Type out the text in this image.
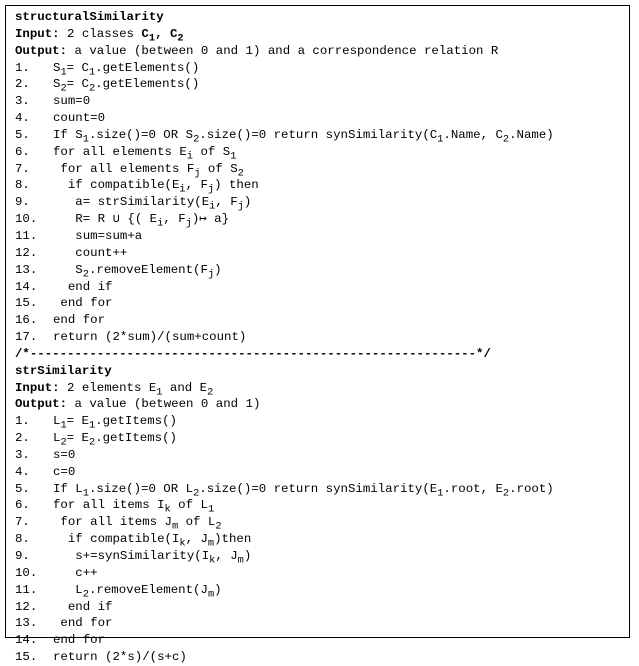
structuralSimilarity
Input: 2 classes $C_1$, $C_2$
Output: a value (between 0 and 1) and a correspondence relation R
1. $S_1=$ $C_1.getElements()$
2. $S_2=$ $C_2.getElements()$
3. sum=0
4. count=0
5. If $S_1.size()=0$ OR $S_2.size()=0$ return $synSimilarity(C_1.Name$, $C_2.Name$)
6. for all elements $E_i$ of $S_1$
7. for all elements $F_j$ of $S_2$
8.  if $compatible(E_i$, $F_j$) then
9.   $a= strSimilarity(E_i$, $F_j$)
10.   R= R ∪ {( $E_i$, $F_j)↦$ a}
11.   sum=sum+a
12.   count++
13.   $S_2.removeElement(F_j)$
14.  end if
15. end for
16. end for
17. return (2*sum)/(sum+count)
/*------------------------------------------------------------*/
strSimilarity
Input: 2 elements $E_1$ and $E_2$
Output: a value (between 0 and 1)
1. $L_1=$ $E_1.getItems()$
2. $L_2=$ $E_2.getItems()$
3. s=0
4. c=0
5. If $L_1.size()=0$ OR $L_2.size()=0$ return $synSimilarity(E_1.root$, $E_2.root$)
6. for all items $I_k$ of $L_1$
7. for all items $J_m$ of $L_2$
8.  if $compatible(I_k$, $J_m)then$
9.   $s+=synSimilarity(I_k$, $J_m$)
10.   c++
11.   $L_2.removeElement(J_m)$
12.  end if
13. end for
14. end for
15. return (2*s)/(s+c)
